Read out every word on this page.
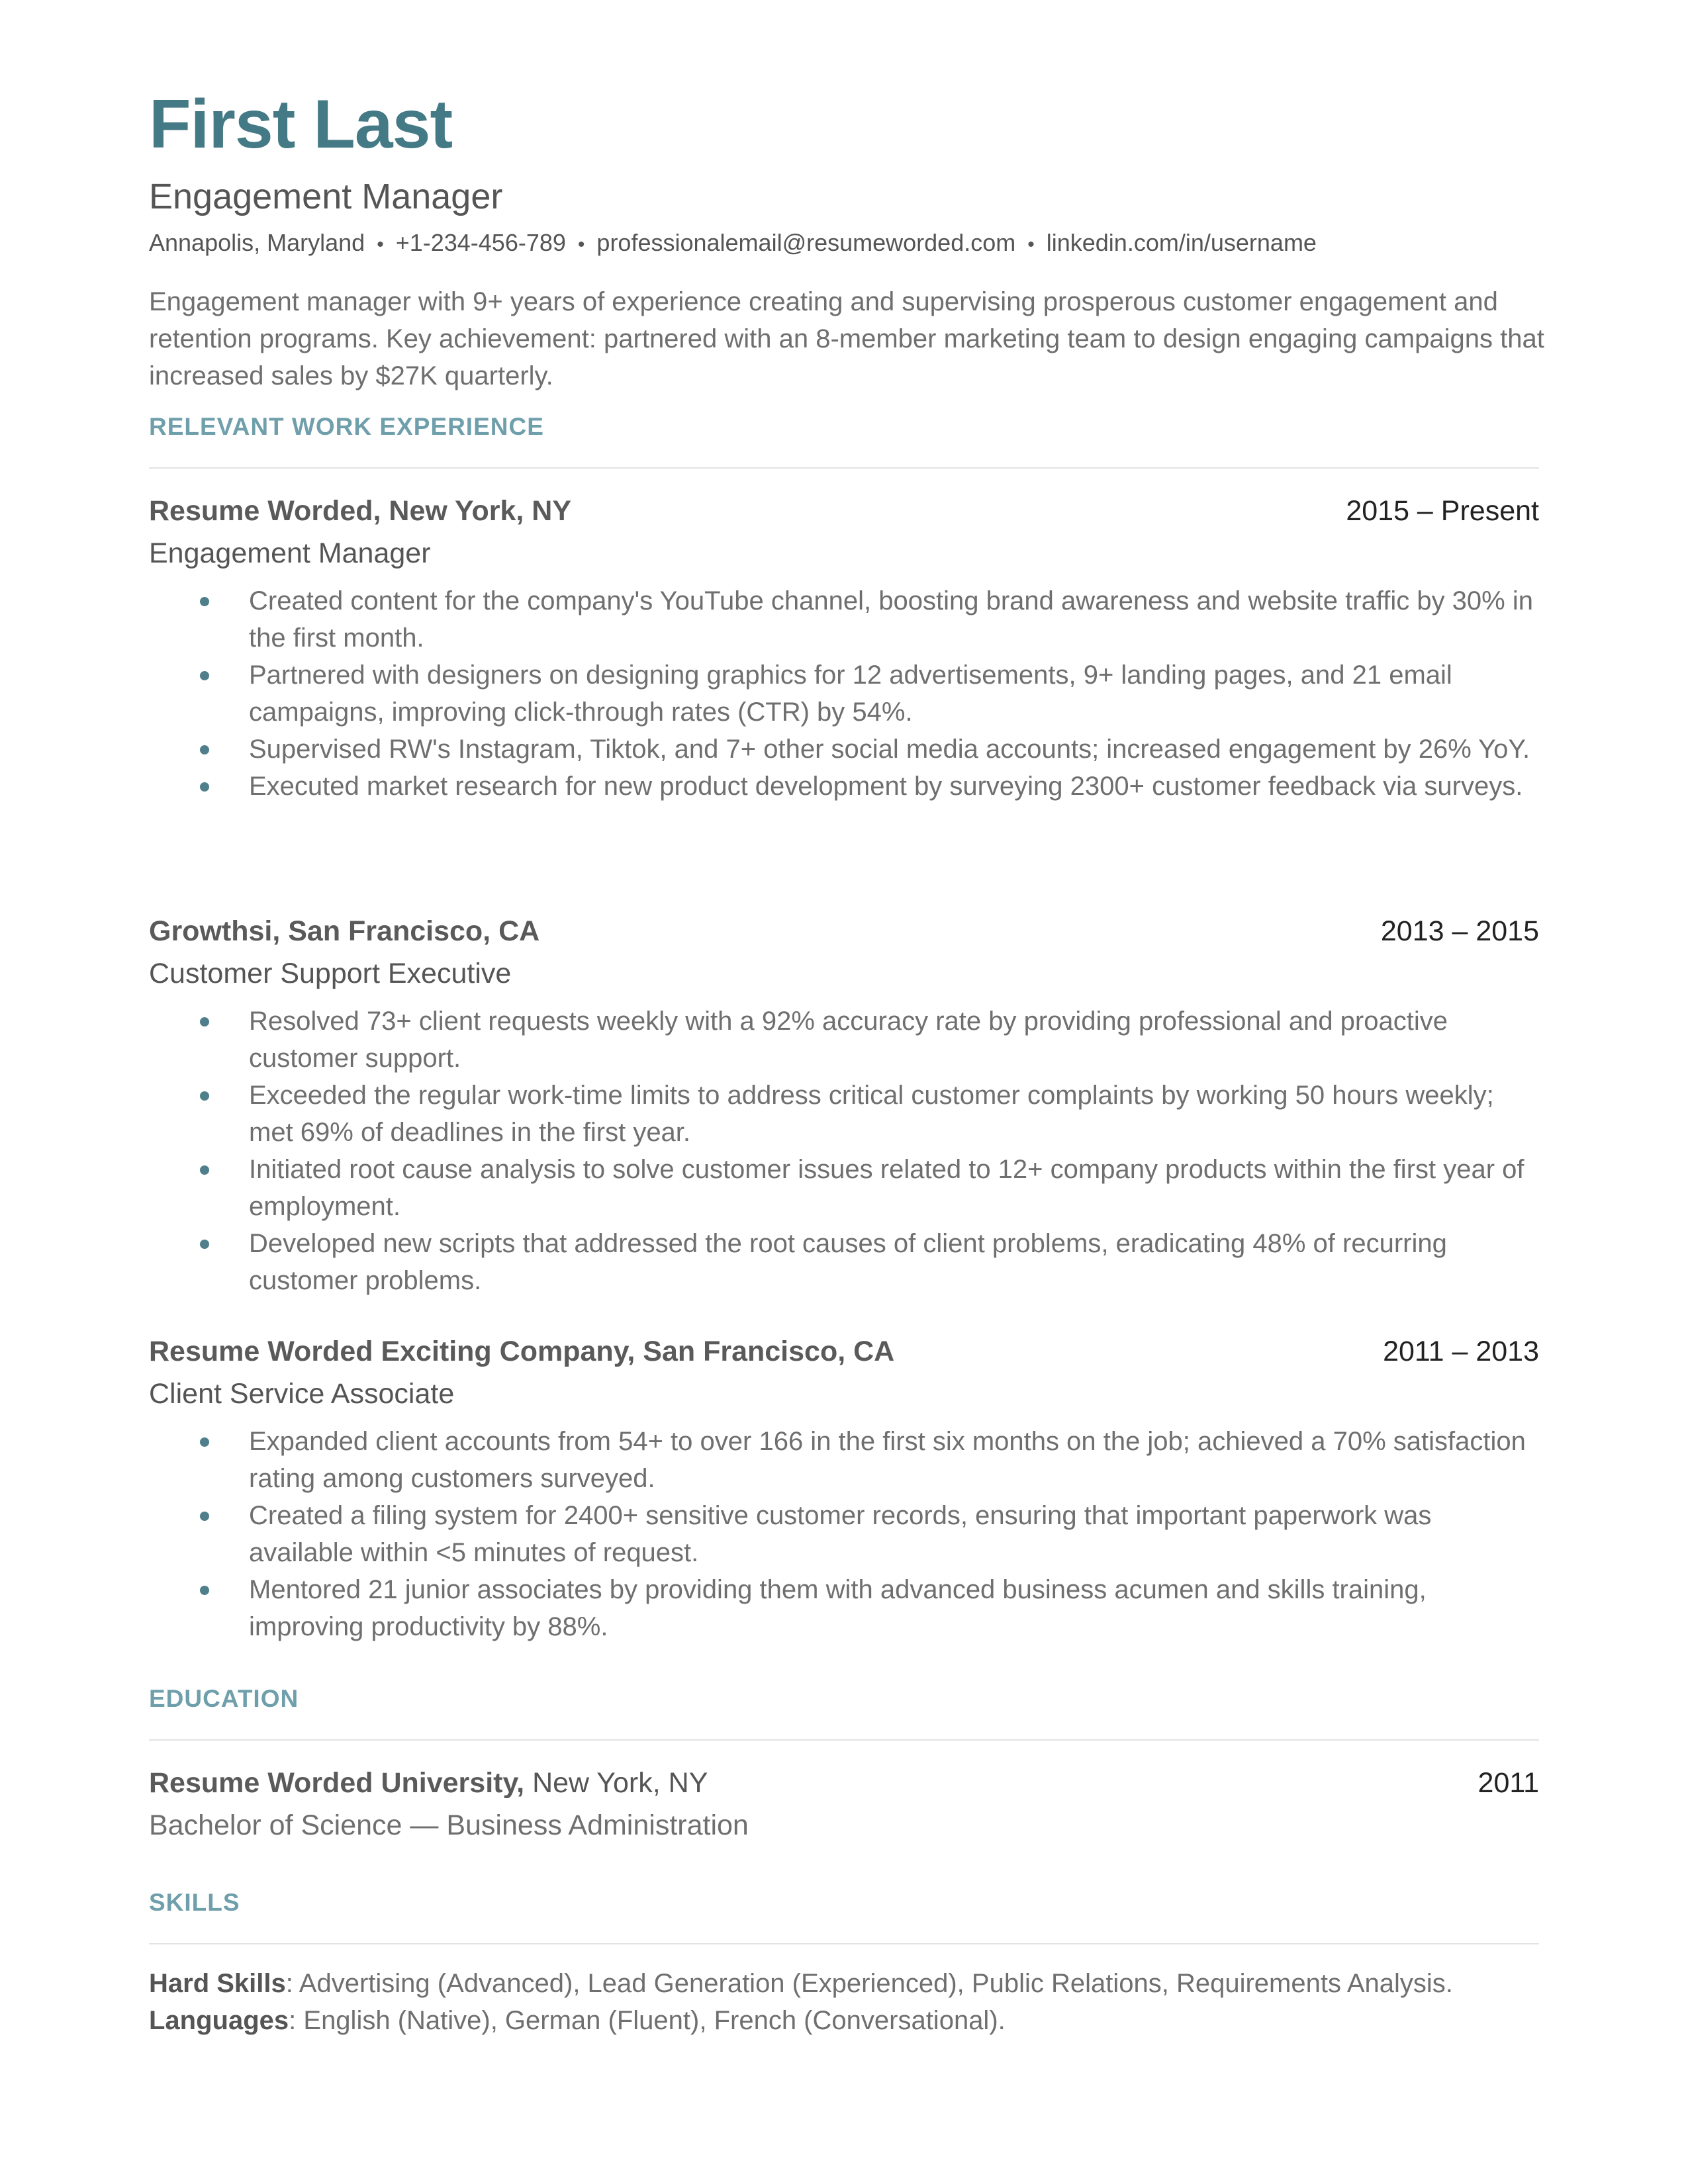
First Last
Engagement Manager
Annapolis, Maryland • +1-234-456-789 • professionalemail@resumeworded.com • linkedin.com/in/username
Engagement manager with 9+ years of experience creating and supervising prosperous customer engagement and retention programs. Key achievement: partnered with an 8-member marketing team to design engaging campaigns that increased sales by $27K quarterly.
RELEVANT WORK EXPERIENCE
Resume Worded, New York, NY	2015 – Present
Engagement Manager
Created content for the company's YouTube channel, boosting brand awareness and website traffic by 30% in the first month.
Partnered with designers on designing graphics for 12 advertisements, 9+ landing pages, and 21 email campaigns, improving click-through rates (CTR) by 54%.
Supervised RW's Instagram, Tiktok, and 7+ other social media accounts; increased engagement by 26% YoY.
Executed market research for new product development by surveying 2300+ customer feedback via surveys.
Growthsi, San Francisco, CA	2013 – 2015
Customer Support Executive
Resolved 73+ client requests weekly with a 92% accuracy rate by providing professional and proactive customer support.
Exceeded the regular work-time limits to address critical customer complaints by working 50 hours weekly; met 69% of deadlines in the first year.
Initiated root cause analysis to solve customer issues related to 12+ company products within the first year of employment.
Developed new scripts that addressed the root causes of client problems, eradicating 48% of recurring customer problems.
Resume Worded Exciting Company, San Francisco, CA	2011 – 2013
Client Service Associate
Expanded client accounts from 54+ to over 166 in the first six months on the job; achieved a 70% satisfaction rating among customers surveyed.
Created a filing system for 2400+ sensitive customer records, ensuring that important paperwork was available within <5 minutes of request.
Mentored 21 junior associates by providing them with advanced business acumen and skills training, improving productivity by 88%.
EDUCATION
Resume Worded University, New York, NY	2011
Bachelor of Science — Business Administration
SKILLS
Hard Skills: Advertising (Advanced), Lead Generation (Experienced), Public Relations, Requirements Analysis.
Languages: English (Native), German (Fluent), French (Conversational).
